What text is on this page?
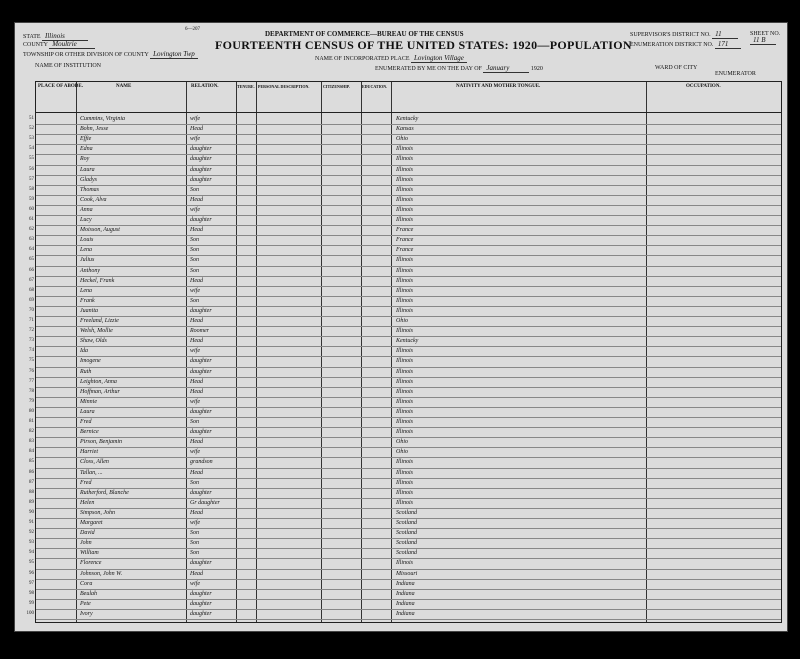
6—207
DEPARTMENT OF COMMERCE—BUREAU OF THE CENSUS
FOURTEENTH CENSUS OF THE UNITED STATES: 1920—POPULATION
STATE Illinois
COUNTY Moultrie
TOWNSHIP OR OTHER DIVISION OF COUNTY Lovington Twp
NAME OF INSTITUTION
NAME OF INCORPORATED PLACE Lovington Village
ENUMERATED BY ME ON THE DAY OF January	1920	WARD OF CITY
ENUMERATOR
SUPERVISOR'S DISTRICT NO. 11
ENUMERATION DISTRICT NO. 171
SHEET NO.
11 B
PLACE OF ABODE.	NAME	RELATION.	TENURE. PERSONAL DESCRIPTION.	CITIZENSHIP.	EDUCATION.	NATIVITY AND MOTHER TONGUE.	OCCUPATION.
51	Cummins, Virginia	wife	Kentucky
52	Bohn, Jesse	Head	Kansas
53	Effie	wife	Ohio
54	Edna	daughter	Illinois
55	Roy	daughter	Illinois
56	Laura	daughter	Illinois
57	Gladys	daughter	Illinois
58	Thomas	Son	Illinois
59	Cook, Alva	Head	Illinois
60	Anna	wife	Illinois
61	Lucy	daughter	Illinois
62	Moisson, August	Head	France
63	Louis	Son	France
64	Lena	Son	France
65	Julius	Son	Illinois
66	Anthony	Son	Illinois
67	Heckel, Frank	Head	Illinois
68	Lena	wife	Illinois
69	Frank	Son	Illinois
70	Juanita	daughter	Illinois
71	Freeland, Lizzie	Head	Ohio
72	Welsh, Mollie	Roomer	Illinois
73	Shaw, Olds	Head	Kentucky
74	Ida	wife	Illinois
75	Imogene	daughter	Illinois
76	Ruth	daughter	Illinois
77	Leighton, Anna	Head	Illinois
78	Hoffman, Arthur	Head	Illinois
79	Minnie	wife	Illinois
80	Laura	daughter	Illinois
81	Fred	Son	Illinois
82	Bernice	daughter	Illinois
83	Pirson, Benjamin	Head	Ohio
84	Harriet	wife	Ohio
85	Closs, Allen	grandson	Illinois
86	Tallan, ...	Head	Illinois
87	Fred	Son	Illinois
88	Rutherford, Blanche	daughter	Illinois
89	Helen	Gr daughter	Illinois
90	Simpson, John	Head	Scotland
91	Margaret	wife	Scotland
92	David	Son	Scotland
93	John	Son	Scotland
94	William	Son	Scotland
95	Florence	daughter	Illinois
96	Johnson, John W.	Head	Missouri
97	Cora	wife	Indiana
98	Beulah	daughter	Indiana
99	Pete	daughter	Indiana
100	Ivory	daughter	Indiana
